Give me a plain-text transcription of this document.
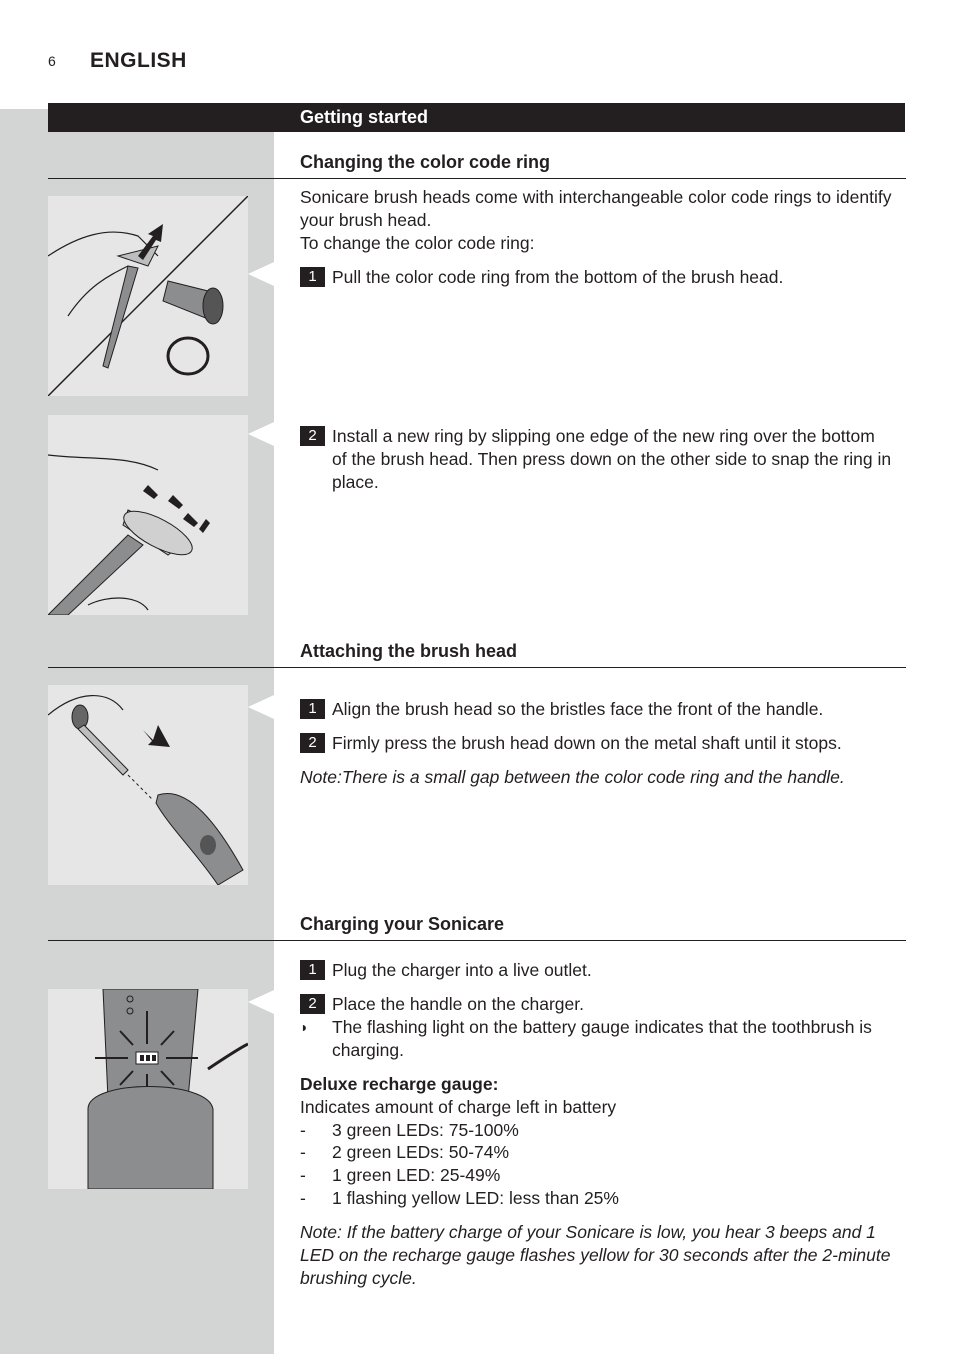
6 ENGLISH
Getting started
Changing the color code ring
Sonicare brush heads come with interchangeable color code rings to identify your brush head.
To change the color code ring:
1 Pull the color code ring from the bottom of the brush head.
2 Install a new ring by slipping one edge of the new ring over the bottom of the brush head. Then press down on the other side to snap the ring in place.
Attaching the brush head
1 Align the brush head so the bristles face the front of the handle.
2 Firmly press the brush head down on the metal shaft until it stops.
Note:There is a small gap between the color code ring and the handle.
Charging your Sonicare
1 Plug the charger into a live outlet.
2 Place the handle on the charger.
◗	The flashing light on the battery gauge indicates that the toothbrush is charging.
Deluxe recharge gauge:
Indicates amount of charge left in battery
-	3 green LEDs: 75-100%
-	2 green LEDs: 50-74%
-	1 green LED: 25-49%
-	1 flashing yellow LED: less than 25%
Note: If the battery charge of your Sonicare is low, you hear 3 beeps and 1 LED on the recharge gauge flashes yellow for 30 seconds after the 2-minute brushing cycle.
